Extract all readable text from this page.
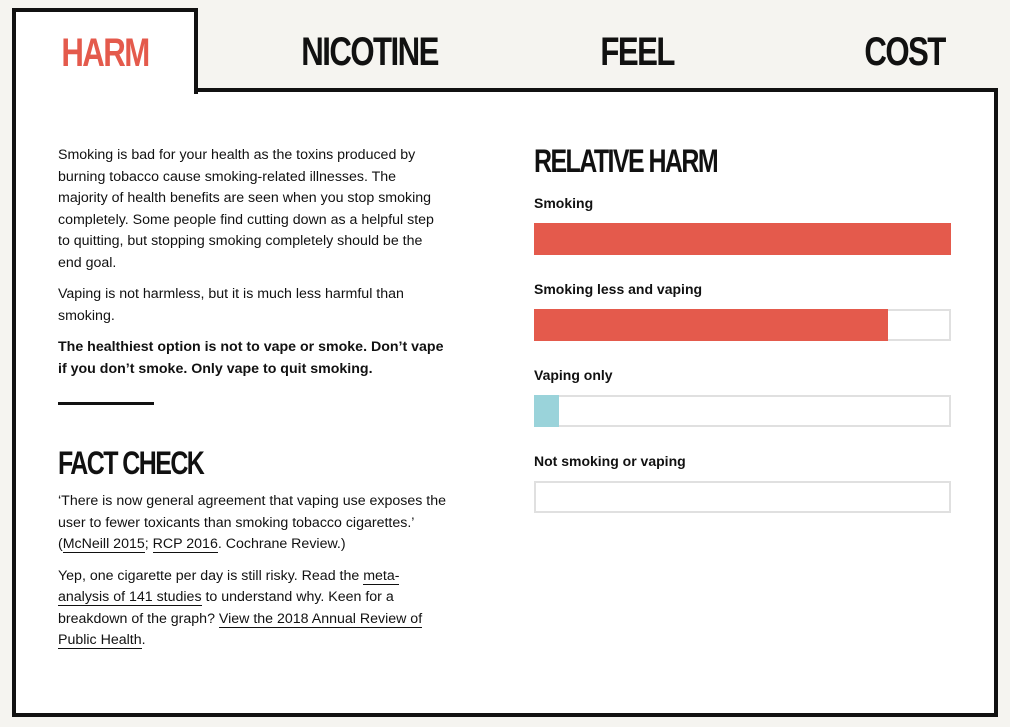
HARM	NICOTINE	FEEL	COST

Smoking is bad for your health as the toxins produced by burning tobacco cause smoking-related illnesses. The majority of health benefits are seen when you stop smoking completely. Some people find cutting down as a helpful step to quitting, but stopping smoking completely should be the end goal.

Vaping is not harmless, but it is much less harmful than smoking.

The healthiest option is not to vape or smoke. Don’t vape if you don’t smoke. Only vape to quit smoking.

FACT CHECK

‘There is now general agreement that vaping use exposes the user to fewer toxicants than smoking tobacco cigarettes.’ (McNeill 2015; RCP 2016. Cochrane Review.)

Yep, one cigarette per day is still risky. Read the meta-analysis of 141 studies to understand why. Keen for a breakdown of the graph? View the 2018 Annual Review of Public Health.

RELATIVE HARM

Smoking

Smoking less and vaping

Vaping only

Not smoking or vaping
